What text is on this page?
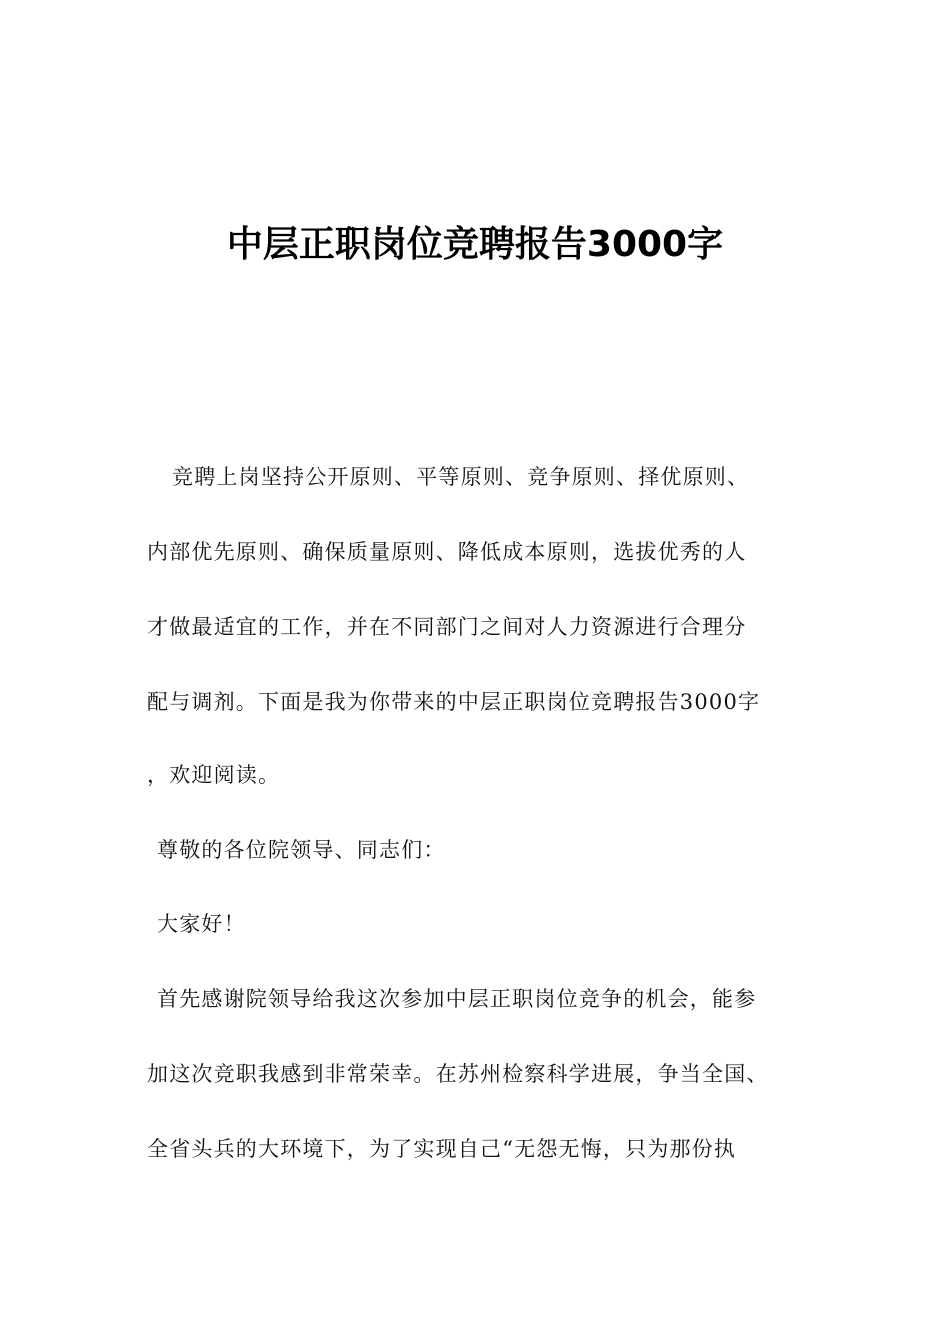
中层正职岗位竞聘报告3000字
竞聘上岗坚持公开原则、平等原则、竞争原则、择优原则、
内部优先原则、确保质量原则、降低成本原则，选拔优秀的人
才做最适宜的工作，并在不同部门之间对人力资源进行合理分
配与调剂。下面是我为你带来的中层正职岗位竞聘报告3000字
，欢迎阅读。
尊敬的各位院领导、同志们：
大家好！
首先感谢院领导给我这次参加中层正职岗位竞争的机会，能参
加这次竞职我感到非常荣幸。在苏州检察科学进展，争当全国、
全省头兵的大环境下，为了实现自己“无怨无悔，只为那份执
